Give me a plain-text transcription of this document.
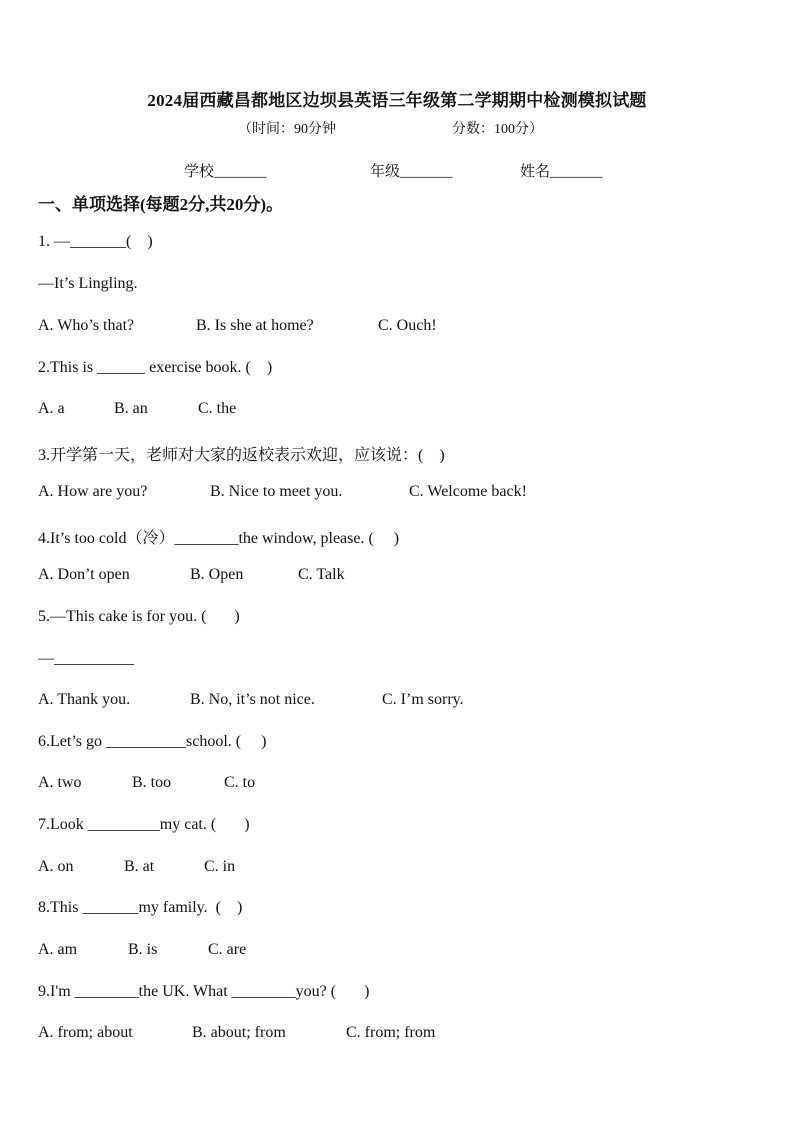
2024届西藏昌都地区边坝县英语三年级第二学期期中检测模拟试题
（时间：90分钟	分数：100分）
学校_______	年级_______	姓名_______
一、单项选择(每题2分,共20分)。
1. —_______(    )
—It’s Lingling.
A. Who’s that?	B. Is she at home?	C. Ouch!
2.This is ______ exercise book. (    )
A. a	B. an	C. the
3.开学第一天，老师对大家的返校表示欢迎，应该说：(    )
A. How are you?	B. Nice to meet you.	C. Welcome back!
4.It’s too cold（冷）________the window, please. (     )
A. Don’t open	B. Open	C. Talk
5.—This cake is for you. (       )
—__________
A. Thank you.	B. No, it’s not nice.	C. I’m sorry.
6.Let’s go __________school. (     )
A. two	B. too	C. to
7.Look _________my cat. (       )
A. on	B. at	C. in
8.This _______my family.  (    )
A. am	B. is	C. are
9.I'm ________the UK. What ________you? (       )
A. from; about	B. about; from	C. from; from
